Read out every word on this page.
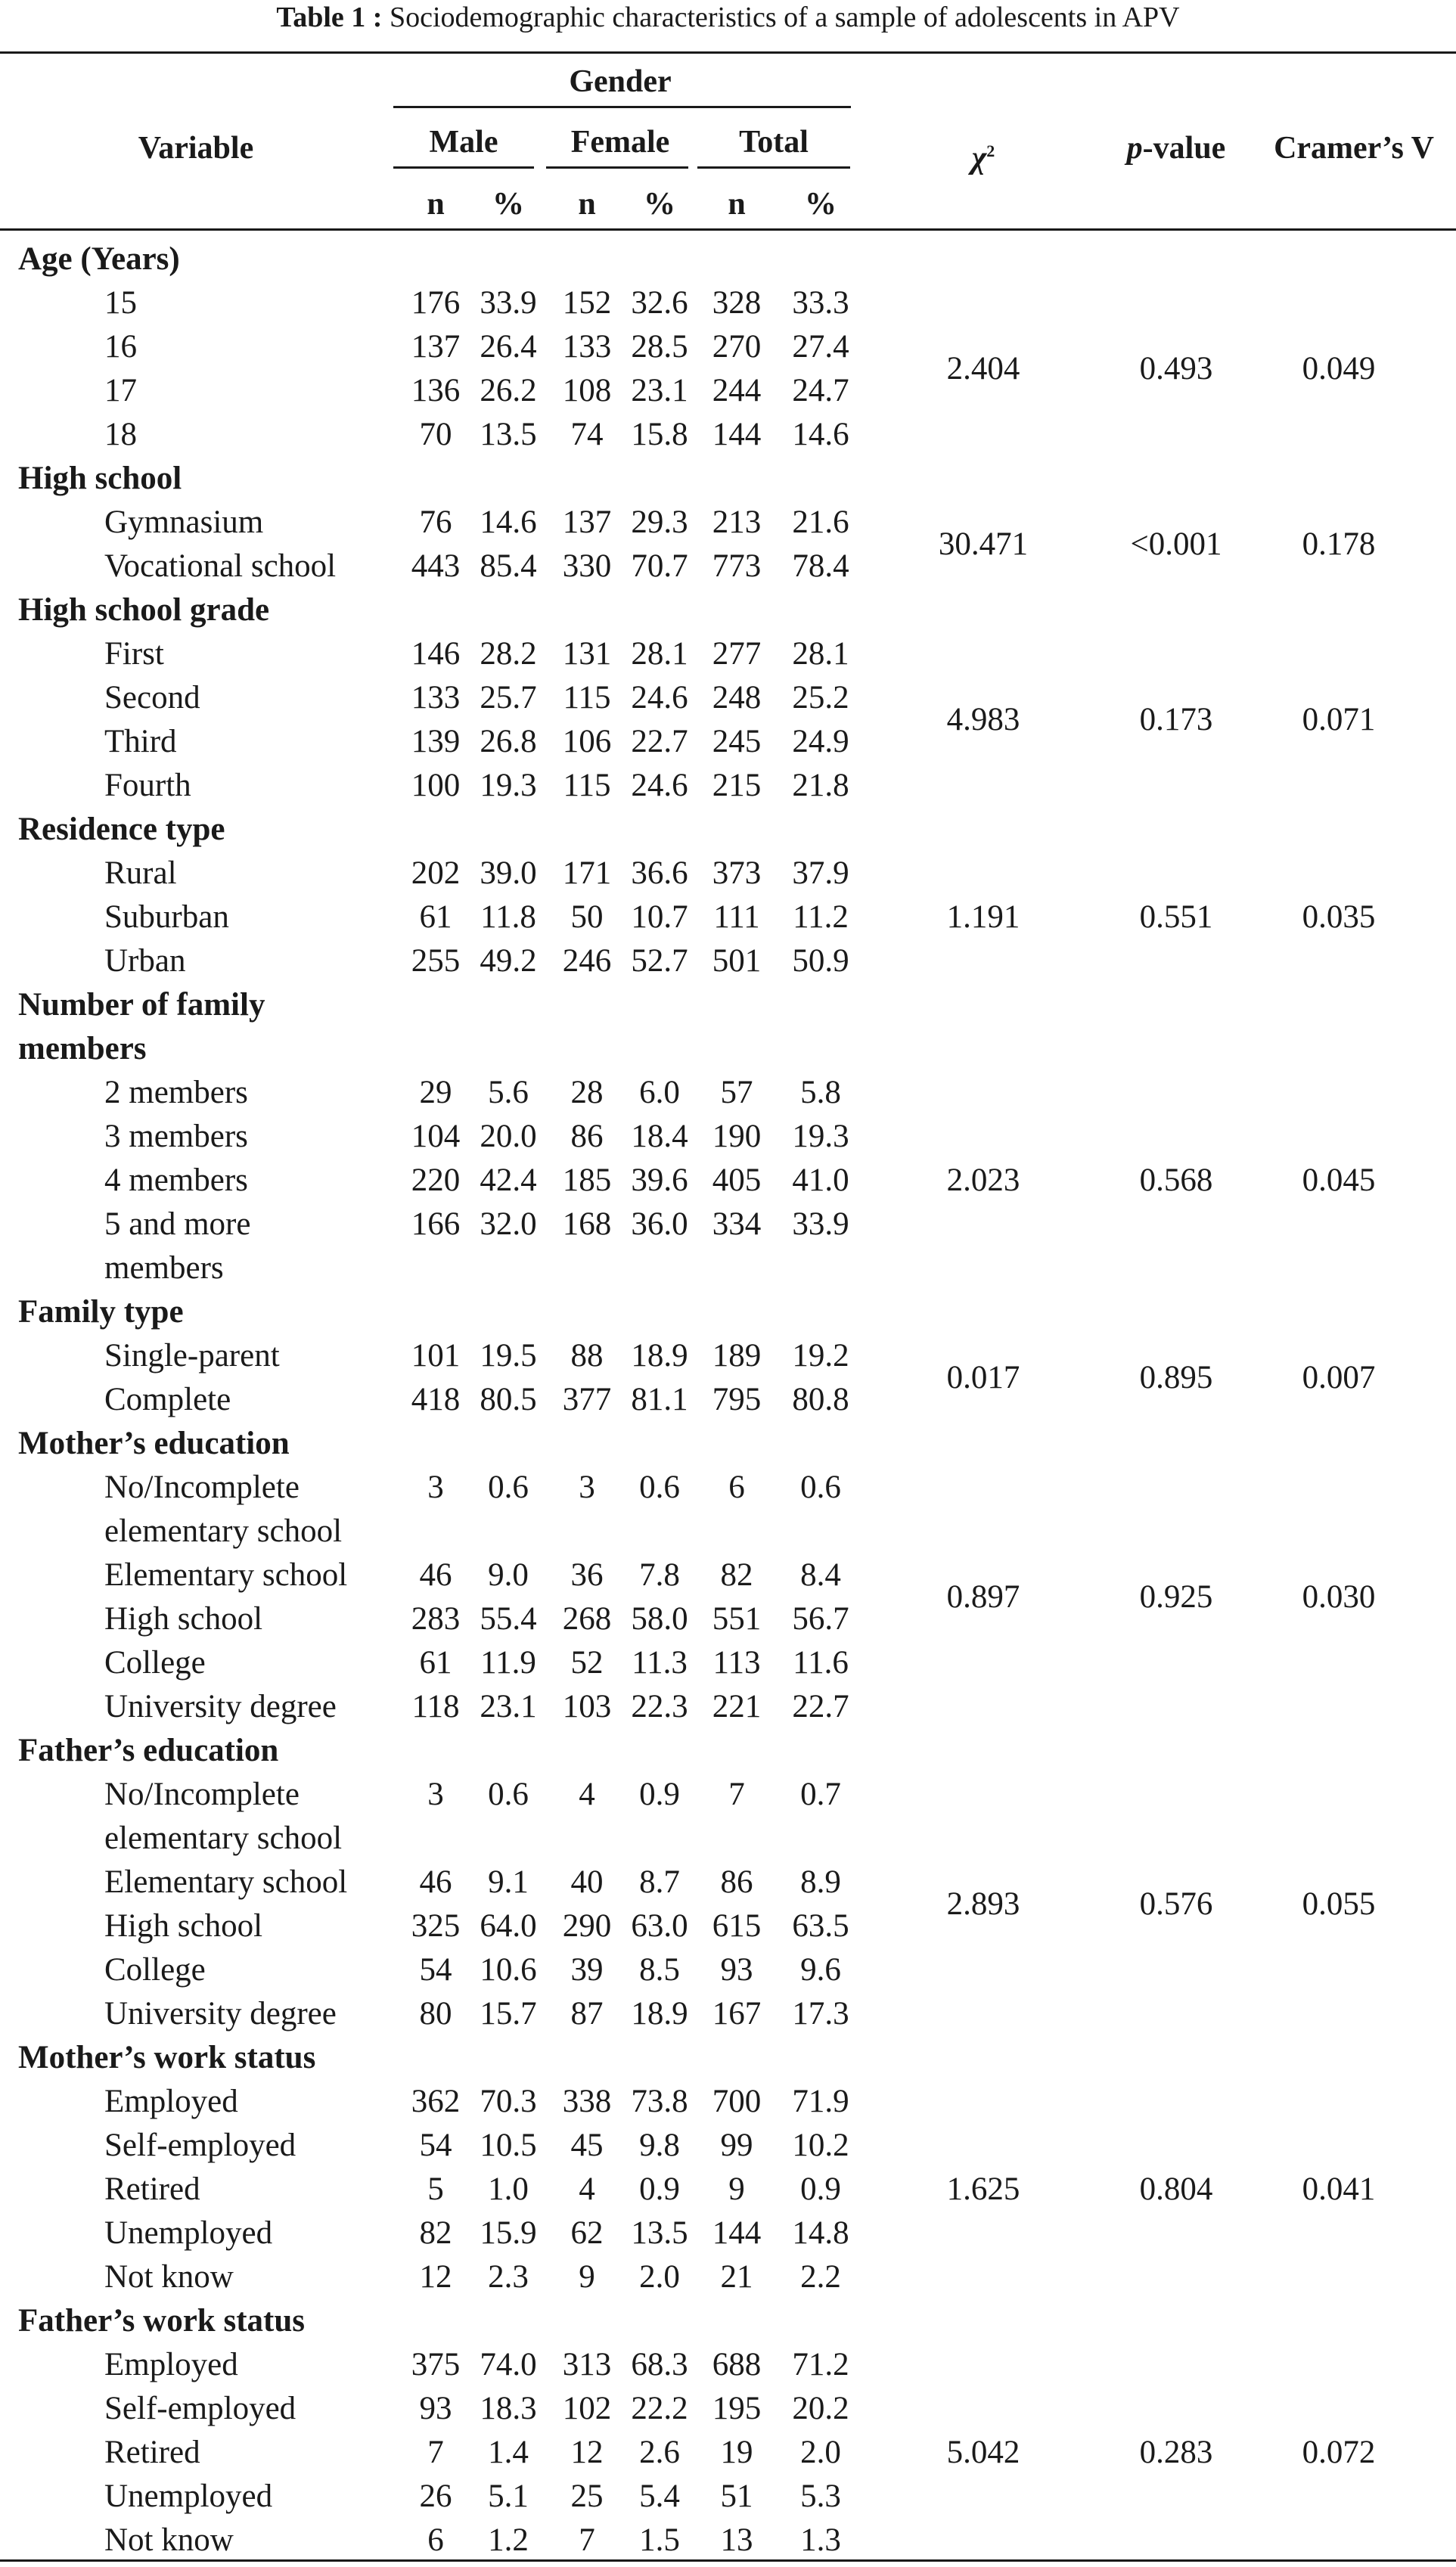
Table 1 : Sociodemographic characteristics of a sample of adolescents in APV
Variable
Gender
Male	Female	Total	$\chi^2$	p-value	Cramer’s V
n	%	n	%	n	%
Age (Years)
15	176 33.9 152 32.6 328 33.3
16	137 26.4 133 28.5 270 27.4
17	136 26.2 108 23.1 244 24.7
18	70 13.5	74 15.8 144 14.6
2.404	0.493	0.049
High school
Gymnasium	76 14.6 137 29.3 213 21.6
Vocational school	443 85.4 330 70.7 773 78.4
30.471	<0.001	0.178
High school grade
First	146 28.2 131 28.1 277 28.1
Second	133 25.7 115 24.6 248 25.2
Third	139 26.8 106 22.7 245 24.9
Fourth	100 19.3 115 24.6 215 21.8
4.983	0.173	0.071
Residence type
Rural	202 39.0 171 36.6 373 37.9
Suburban	61 11.8	50 10.7 111	11.2
Urban	255 49.2 246 52.7 501 50.9
1.191	0.551	0.035
Number of family
members
2 members	29	5.6	28	6.0	57	5.8
3 members	104 20.0	86 18.4 190 19.3
4 members	220 42.4 185 39.6 405 41.0
5 and more	166 32.0 168 36.0 334 33.9
members
2.023	0.568	0.045
Family type
Single-parent	101 19.5	88 18.9 189 19.2
Complete	418 80.5 377 81.1 795 80.8
0.017	0.895	0.007
Mother’s education
No/Incomplete	3	0.6	3	0.6	6	0.6
elementary school
Elementary school	46	9.0	36	7.8	82	8.4
High school	283 55.4 268 58.0 551 56.7
College	61 11.9	52 11.3 113 11.6
University degree	118 23.1 103 22.3 221 22.7
0.897	0.925	0.030
Father’s education
No/Incomplete	3	0.6	4	0.9	7	0.7
elementary school
Elementary school	46	9.1	40	8.7	86	8.9
High school	325 64.0 290 63.0 615 63.5
College	54 10.6	39	8.5	93	9.6
University degree	80 15.7	87 18.9 167 17.3
2.893	0.576	0.055
Mother’s work status
Employed	362 70.3 338 73.8 700 71.9
Self-employed	54 10.5	45	9.8	99	10.2
Retired	5	1.0	4	0.9	9	0.9
Unemployed	82 15.9	62 13.5 144 14.8
Not know	12	2.3	9	2.0	21	2.2
1.625	0.804	0.041
Father’s work status
Employed	375 74.0 313 68.3 688 71.2
Self-employed	93 18.3 102 22.2 195 20.2
Retired	7	1.4	12	2.6	19	2.0
Unemployed	26	5.1	25	5.4	51	5.3
Not know	6	1.2	7	1.5	13	1.3
5.042	0.283	0.072
